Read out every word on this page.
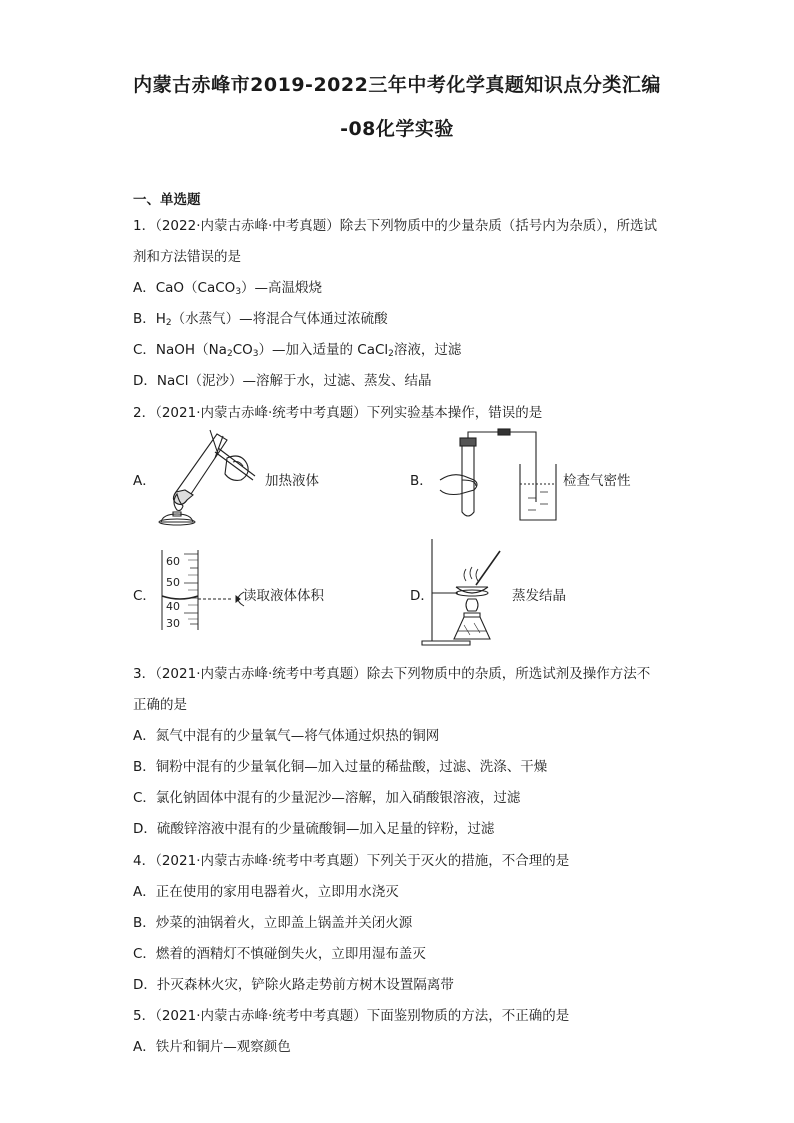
内蒙古赤峰市2019-2022三年中考化学真题知识点分类汇编
-08化学实验
一、单选题
1．（2022·内蒙古赤峰·中考真题）除去下列物质中的少量杂质（括号内为杂质），所选试
剂和方法错误的是
A．CaO（CaCO$_3$）—高温煅烧
B．$H_2$（水蒸气）—将混合气体通过浓硫酸
C．$NaOH(Na_2CO_3)—$加入适量的 CaCl$_2$溶液，过滤
D．NaCl（泥沙）—溶解于水，过滤、蒸发、结晶
2．（2021·内蒙古赤峰·统考中考真题）下列实验基本操作，错误的是
A．	加热液体	B．	检查气密性
C．
60
50
40
30
读取液体体积	D．	蒸发结晶
3．（2021·内蒙古赤峰·统考中考真题）除去下列物质中的杂质，所选试剂及操作方法不
正确的是
A．氮气中混有的少量氧气—将气体通过炽热的铜网
B．铜粉中混有的少量氧化铜—加入过量的稀盐酸，过滤、洗涤、干燥
C．氯化钠固体中混有的少量泥沙—溶解，加入硝酸银溶液，过滤
D．硫酸锌溶液中混有的少量硫酸铜—加入足量的锌粉，过滤
4．（2021·内蒙古赤峰·统考中考真题）下列关于灭火的措施，不合理的是
A．正在使用的家用电器着火，立即用水浇灭
B．炒菜的油锅着火，立即盖上锅盖并关闭火源
C．燃着的酒精灯不慎碰倒失火，立即用湿布盖灭
D．扑灭森林火灾，铲除火路走势前方树木设置隔离带
5．（2021·内蒙古赤峰·统考中考真题）下面鉴别物质的方法，不正确的是
A．铁片和铜片—观察颜色
